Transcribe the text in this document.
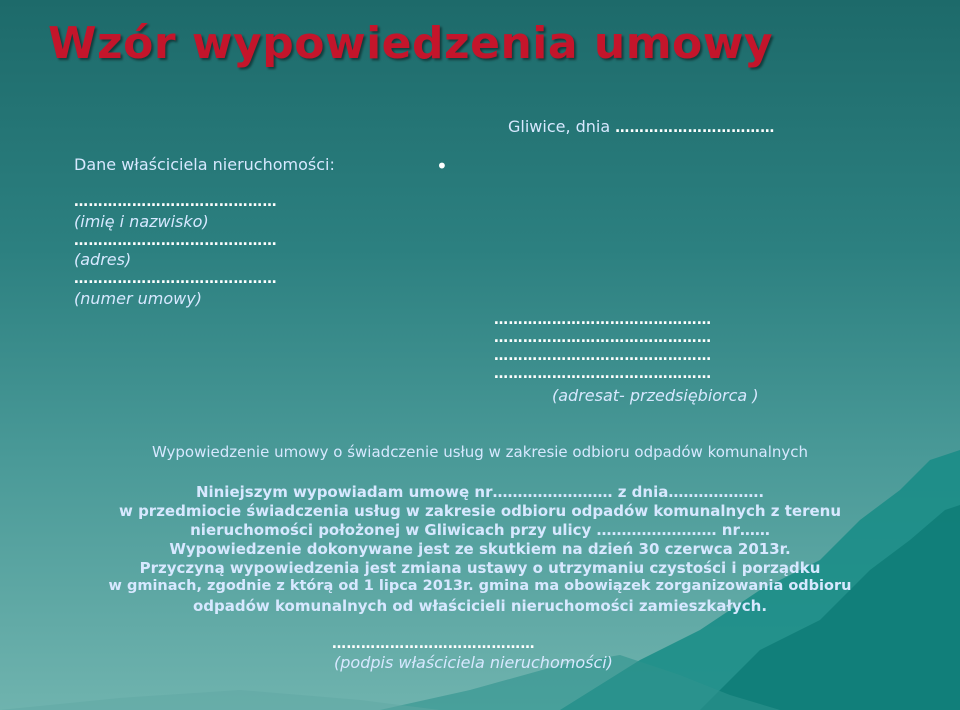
Wzór wypowiedzenia umowy
Gliwice, dnia ……………………………
Dane właściciela nieruchomości:	•
……………………………………
(imię i nazwisko)
……………………………………
(adres)
……………………………………
(numer umowy)
………………………………………
………………………………………
………………………………………
………………………………………
(adresat- przedsiębiorca )
Wypowiedzenie umowy o świadczenie usług w zakresie odbioru odpadów komunalnych
Niniejszym wypowiadam umowę nr…………………… z dnia……………….
w przedmiocie świadczenia usług w zakresie odbioru odpadów komunalnych z terenu
nieruchomości położonej w Gliwicach przy ulicy …………………… nr……
Wypowiedzenie dokonywane jest ze skutkiem na dzień 30 czerwca 2013r.
Przyczyną wypowiedzenia jest zmiana ustawy o utrzymaniu czystości i porządku
w gminach, zgodnie z którą od 1 lipca 2013r. gmina ma obowiązek zorganizowania odbioru
odpadów komunalnych od właścicieli nieruchomości zamieszkałych.
……………………………………
(podpis właściciela nieruchomości)
